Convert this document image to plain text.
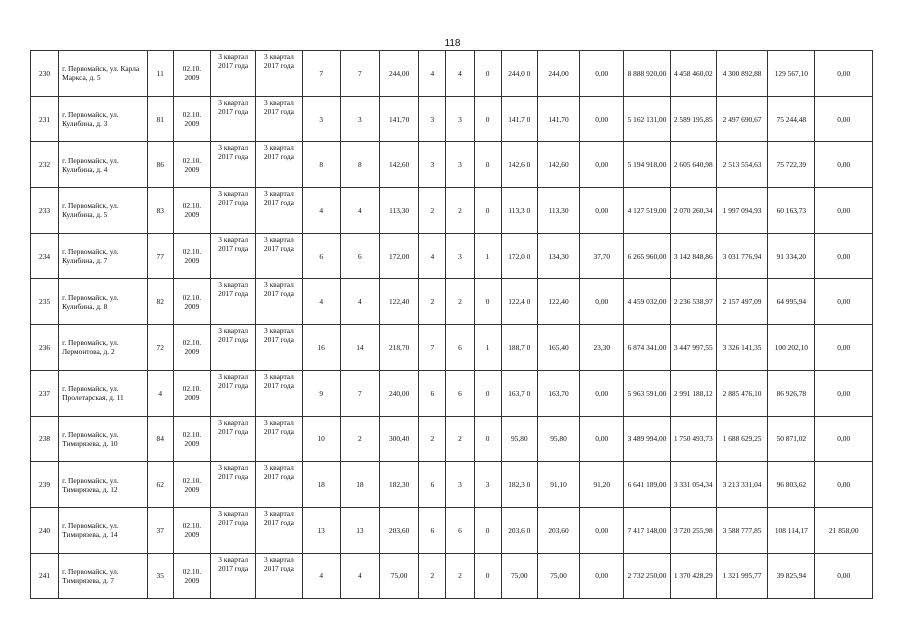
118
230	г. Первомайск, ул. Карла Маркса, д. 5	11	02.10. 2009	3 квартал 2017 года	3 квартал 2017 года	7	7	244,00	4	4	0	244,0 0	244,00	0,00	8 888 920,00	4 458 460,02	4 300 892,88	129 567,10	0,00
231	г. Первомайск, ул. Кулибина, д. 3	81	02.10. 2009	3 квартал 2017 года	3 квартал 2017 года	3	3	141,70	3	3	0	141,7 0	141,70	0,00	5 162 131,00	2 589 195,85	2 497 690,67	75 244,48	0,00
232	г. Первомайск, ул. Кулибина, д. 4	86	02.10. 2009	3 квартал 2017 года	3 квартал 2017 года	8	8	142,60	3	3	0	142,6 0	142,60	0,00	5 194 918,00	2 605 640,98	2 513 554,63	75 722,39	0,00
233	г. Первомайск, ул. Кулибина, д. 5	83	02.10. 2009	3 квартал 2017 года	3 квартал 2017 года	4	4	113,30	2	2	0	113,3 0	113,30	0,00	4 127 519,00	2 070 260,34	1 997 094,93	60 163,73	0,00
234	г. Первомайск, ул. Кулибина, д. 7	77	02.10. 2009	3 квартал 2017 года	3 квартал 2017 года	6	6	172,00	4	3	1	172,0 0	134,30	37,70	6 265 960,00	3 142 848,86	3 031 776,94	91 334,20	0,00
235	г. Первомайск, ул. Кулибина, д. 8	82	02.10. 2009	3 квартал 2017 года	3 квартал 2017 года	4	4	122,40	2	2	0	122,4 0	122,40	0,00	4 459 032,00	2 236 538,97	2 157 497,09	64 995,94	0,00
236	г. Первомайск, ул. Лермонтова, д. 2	72	02.10. 2009	3 квартал 2017 года	3 квартал 2017 года	16	14	218,70	7	6	1	188,7 0	165,40	23,30	6 874 341,00	3 447 997,55	3 326 141,35	100 202,10	0,00
237	г. Первомайск, ул. Пролетарская, д. 11	4	02.10. 2009	3 квартал 2017 года	3 квартал 2017 года	9	7	240,00	6	6	0	163,7 0	163,70	0,00	5 963 591,00	2 991 188,12	2 885 476,10	86 926,78	0,00
238	г. Первомайск, ул. Тимирязева, д. 10	84	02.10. 2009	3 квартал 2017 года	3 квартал 2017 года	10	2	300,40	2	2	0	95,80	95,80	0,00	3 489 994,00	1 750 493,73	1 688 629,25	50 871,02	0,00
239	г. Первомайск, ул. Тимирязева, д. 12	62	02.10. 2009	3 квартал 2017 года	3 квартал 2017 года	18	18	182,30	6	3	3	182,3 0	91,10	91,20	6 641 189,00	3 331 054,34	3 213 331,04	96 803,62	0,00
240	г. Первомайск, ул. Тимирязева, д. 14	37	02.10. 2009	3 квартал 2017 года	3 квартал 2017 года	13	13	203,60	6	6	0	203,6 0	203,60	0,00	7 417 148,00	3 720 255,98	3 588 777,85	108 114,17	21 858,00
241	г. Первомайск, ул. Тимирязева, д. 7	35	02.10. 2009	3 квартал 2017 года	3 квартал 2017 года	4	4	75,00	2	2	0	75,00	75,00	0,00	2 732 250,00	1 370 428,29	1 321 995,77	39 825,94	0,00
